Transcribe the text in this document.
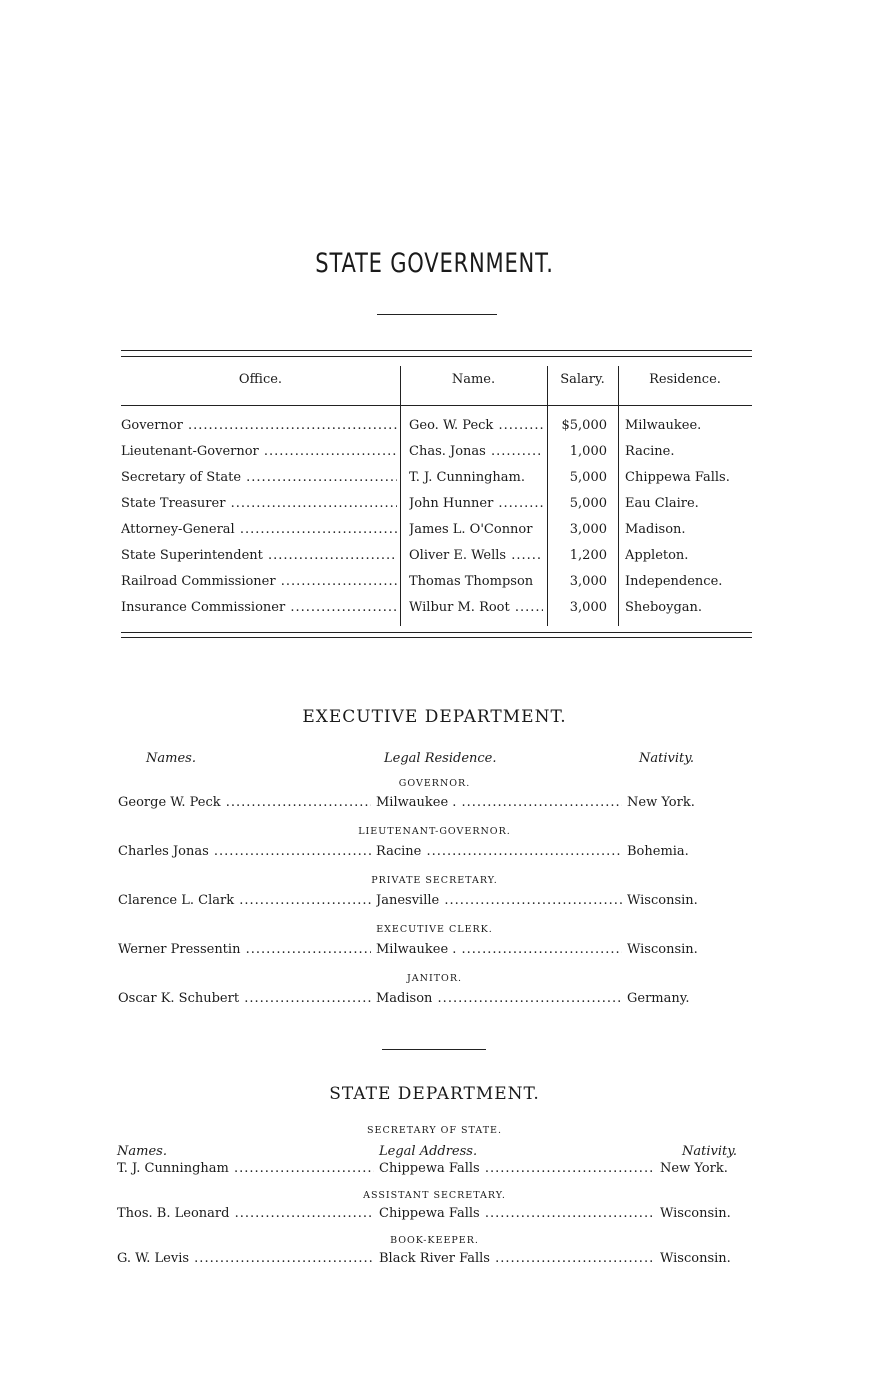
STATE GOVERNMENT.
Office.	Name.	Salary.	Residence.
Governor .....	Geo. W. Peck .....	$5,000 Milwaukee.
Lieutenant-Governor .....	Chas. Jonas .....	1,000 Racine.
Secretary of State .....	T. J. Cunningham.	5,000 Chippewa Falls.
State Treasurer .....	John Hunner .....	5,000 Eau Claire.
Attorney-General .....	James L. O'Connor	3,000 Madison.
State Superintendent .....	Oliver E. Wells .....	1,200 Appleton.
Railroad Commissioner .....	Thomas Thompson	3,000 Independence.
Insurance Commissioner .....	Wilbur M. Root .....	3,000 Sheboygan.
EXECUTIVE DEPARTMENT.
Names.	Legal Residence.	Nativity.
GOVERNOR.
George W. Peck .....	Milwaukee . .....	New York.
LIEUTENANT-GOVERNOR.
Charles Jonas .....	Racine .....	Bohemia.
PRIVATE SECRETARY.
Clarence L. Clark .....	Janesville .....	Wisconsin.
EXECUTIVE CLERK.
Werner Pressentin .....	Milwaukee . .....	Wisconsin.
JANITOR.
Oscar K. Schubert .....	Madison .....	Germany.
STATE DEPARTMENT.
SECRETARY OF STATE.
Names.	Legal Address.	Nativity.
T. J. Cunningham .....	Chippewa Falls .....	New York.
ASSISTANT SECRETARY.
Thos. B. Leonard .....	Chippewa Falls .....	Wisconsin.
BOOK-KEEPER.
G. W. Levis .....	Black River Falls .....	Wisconsin.
